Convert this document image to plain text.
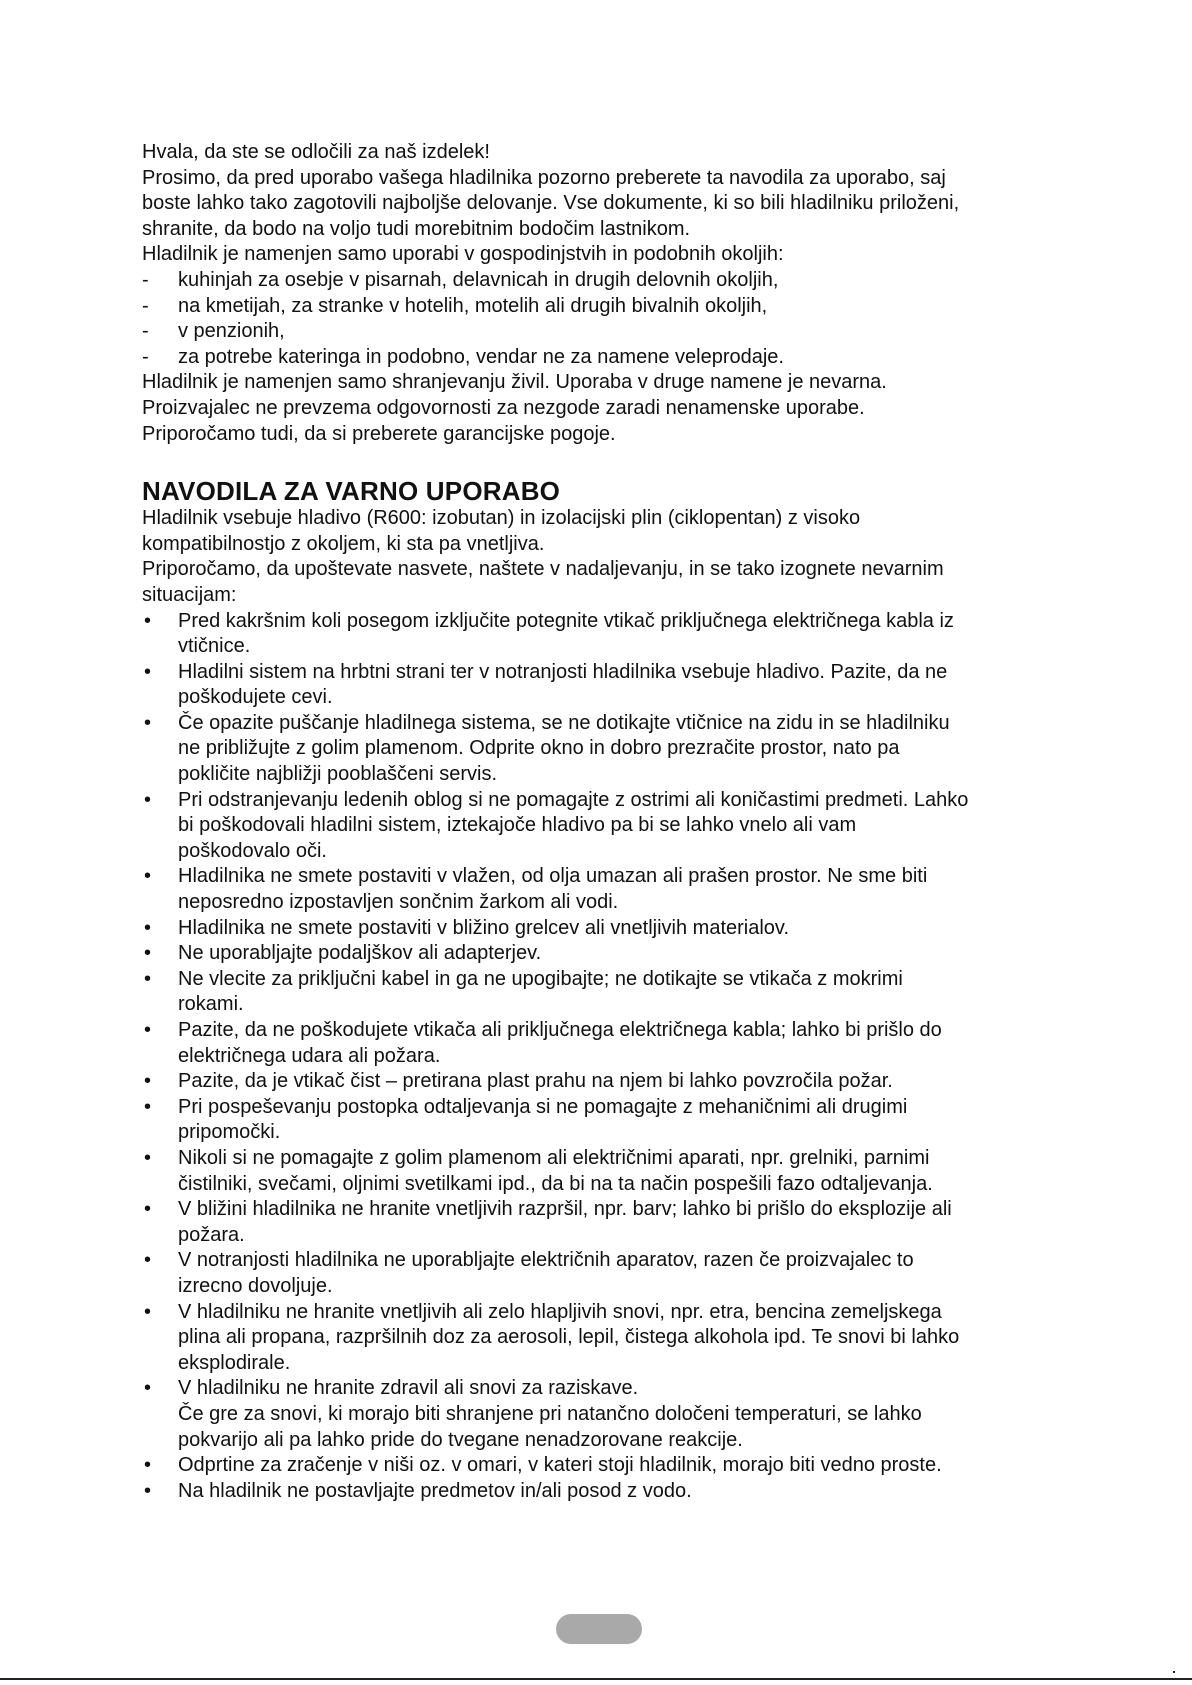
Hvala, da ste se odločili za naš izdelek!

Prosimo, da pred uporabo vašega hladilnika pozorno preberete ta navodila za uporabo, saj

boste lahko tako zagotovili najboljše delovanje. Vse dokumente, ki so bili hladilniku priloženi,

shranite, da bodo na voljo tudi morebitnim bodočim lastnikom.

Hladilnik je namenjen samo uporabi v gospodinjstvih in podobnih okoljih:

-	kuhinjah za osebje v pisarnah, delavnicah in drugih delovnih okoljih,
-	na kmetijah, za stranke v hotelih, motelih ali drugih bivalnih okoljih,
-	v penzionih,
-	za potrebe kateringa in podobno, vendar ne za namene veleprodaje.

Hladilnik je namenjen samo shranjevanju živil. Uporaba v druge namene je nevarna.

Proizvajalec ne prevzema odgovornosti za nezgode zaradi nenamenske uporabe.

Priporočamo tudi, da si preberete garancijske pogoje.

NAVODILA ZA VARNO UPORABO

Hladilnik vsebuje hladivo (R600: izobutan) in izolacijski plin (ciklopentan) z visoko

kompatibilnostjo z okoljem, ki sta pa vnetljiva.

Priporočamo, da upoštevate nasvete, naštete v nadaljevanju, in se tako izognete nevarnim

situacijam:

•	Pred kakršnim koli posegom izključite potegnite vtikač priključnega električnega kabla iz
vtičnice.
•	Hladilni sistem na hrbtni strani ter v notranjosti hladilnika vsebuje hladivo. Pazite, da ne
poškodujete cevi.
•	Če opazite puščanje hladilnega sistema, se ne dotikajte vtičnice na zidu in se hladilniku
ne približujte z golim plamenom. Odprite okno in dobro prezračite prostor, nato pa
pokličite najbližji pooblaščeni servis.
•	Pri odstranjevanju ledenih oblog si ne pomagajte z ostrimi ali koničastimi predmeti. Lahko
bi poškodovali hladilni sistem, iztekajoče hladivo pa bi se lahko vnelo ali vam
poškodovalo oči.
•	Hladilnika ne smete postaviti v vlažen, od olja umazan ali prašen prostor. Ne sme biti
neposredno izpostavljen sončnim žarkom ali vodi.
•	Hladilnika ne smete postaviti v bližino grelcev ali vnetljivih materialov.
•	Ne uporabljajte podaljškov ali adapterjev.
•	Ne vlecite za priključni kabel in ga ne upogibajte; ne dotikajte se vtikača z mokrimi
rokami.
•	Pazite, da ne poškodujete vtikača ali priključnega električnega kabla; lahko bi prišlo do
električnega udara ali požara.
•	Pazite, da je vtikač čist – pretirana plast prahu na njem bi lahko povzročila požar.
•	Pri pospeševanju postopka odtaljevanja si ne pomagajte z mehaničnimi ali drugimi
pripomočki.
•	Nikoli si ne pomagajte z golim plamenom ali električnimi aparati, npr. grelniki, parnimi
čistilniki, svečami, oljnimi svetilkami ipd., da bi na ta način pospešili fazo odtaljevanja.
•	V bližini hladilnika ne hranite vnetljivih razpršil, npr. barv; lahko bi prišlo do eksplozije ali
požara.
•	V notranjosti hladilnika ne uporabljajte električnih aparatov, razen če proizvajalec to
izrecno dovoljuje.
•	V hladilniku ne hranite vnetljivih ali zelo hlapljivih snovi, npr. etra, bencina zemeljskega
plina ali propana, razpršilnih doz za aerosoli, lepil, čistega alkohola ipd. Te snovi bi lahko
eksplodirale.
•	V hladilniku ne hranite zdravil ali snovi za raziskave.
Če gre za snovi, ki morajo biti shranjene pri natančno določeni temperaturi, se lahko
pokvarijo ali pa lahko pride do tvegane nenadzorovane reakcije.
•	Odprtine za zračenje v niši oz. v omari, v kateri stoji hladilnik, morajo biti vedno proste.
•	Na hladilnik ne postavljajte predmetov in/ali posod z vodo.
